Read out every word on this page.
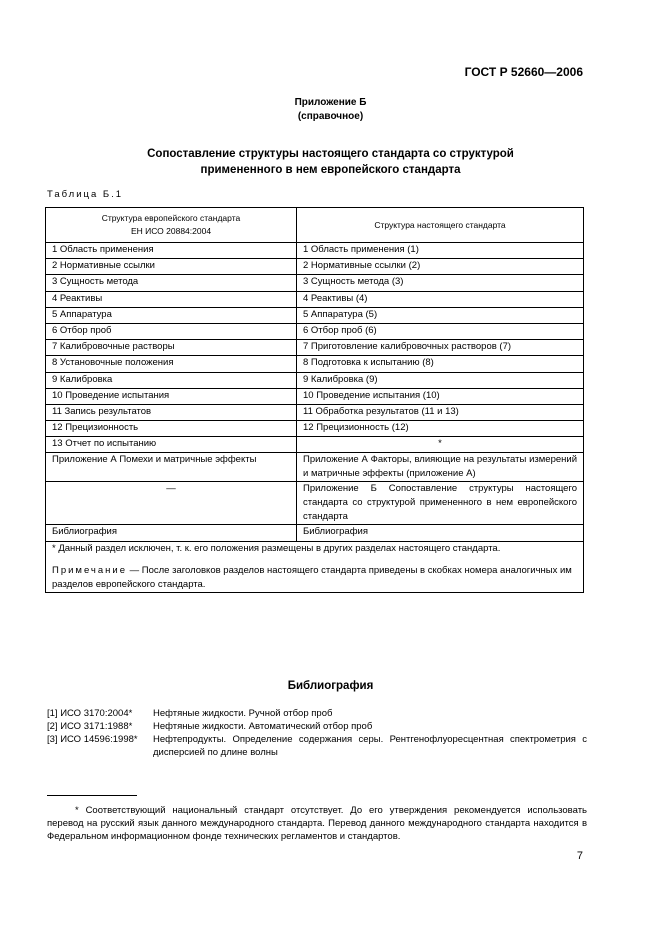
ГОСТ Р 52660—2006
Приложение Б
(справочное)
Сопоставление структуры настоящего стандарта со структурой
примененного в нем европейского стандарта
Таблица Б.1
Структура европейского стандарта
ЕН ИСО 20884:2004	Структура настоящего стандарта
1 Область применения	1 Область применения (1)
2 Нормативные ссылки	2 Нормативные ссылки (2)
3 Сущность метода	3 Сущность метода (3)
4 Реактивы	4 Реактивы (4)
5 Аппаратура	5 Аппаратура (5)
6 Отбор проб	6 Отбор проб (6)
7 Калибровочные растворы	7 Приготовление калибровочных растворов (7)
8 Установочные положения	8 Подготовка к испытанию (8)
9 Калибровка	9 Калибровка (9)
10 Проведение испытания	10 Проведение испытания (10)
11 Запись результатов	11 Обработка результатов (11 и 13)
12 Прецизионность	12 Прецизионность (12)
13 Отчет по испытанию	*
Приложение А Помехи и матричные эффекты	Приложение А Факторы, влияющие на результаты измерений и матричные эффекты (приложение А)
—	Приложение Б Сопоставление структуры настоящего стандарта со структурой примененного в нем европейского стандарта
Библиография	Библиография

* Данный раздел исключен, т. к. его положения размещены в других разделах настоящего стандарта.
Примечание — После заголовков разделов настоящего стандарта приведены в скобках номера аналогичных им разделов европейского стандарта.	
Библиография
[1] ИСО 3170:2004*	Нефтяные жидкости. Ручной отбор проб
[2] ИСО 3171:1988*	Нефтяные жидкости. Автоматический отбор проб
[3] ИСО 14596:1998*	Нефтепродукты. Определение содержания серы. Рентгенофлуоресцентная спектрометрия с дисперсией по длине волны
* Соответствующий национальный стандарт отсутствует. До его утверждения рекомендуется использовать перевод на русский язык данного международного стандарта. Перевод данного международного стандарта находится в Федеральном информационном фонде технических регламентов и стандартов.
7
